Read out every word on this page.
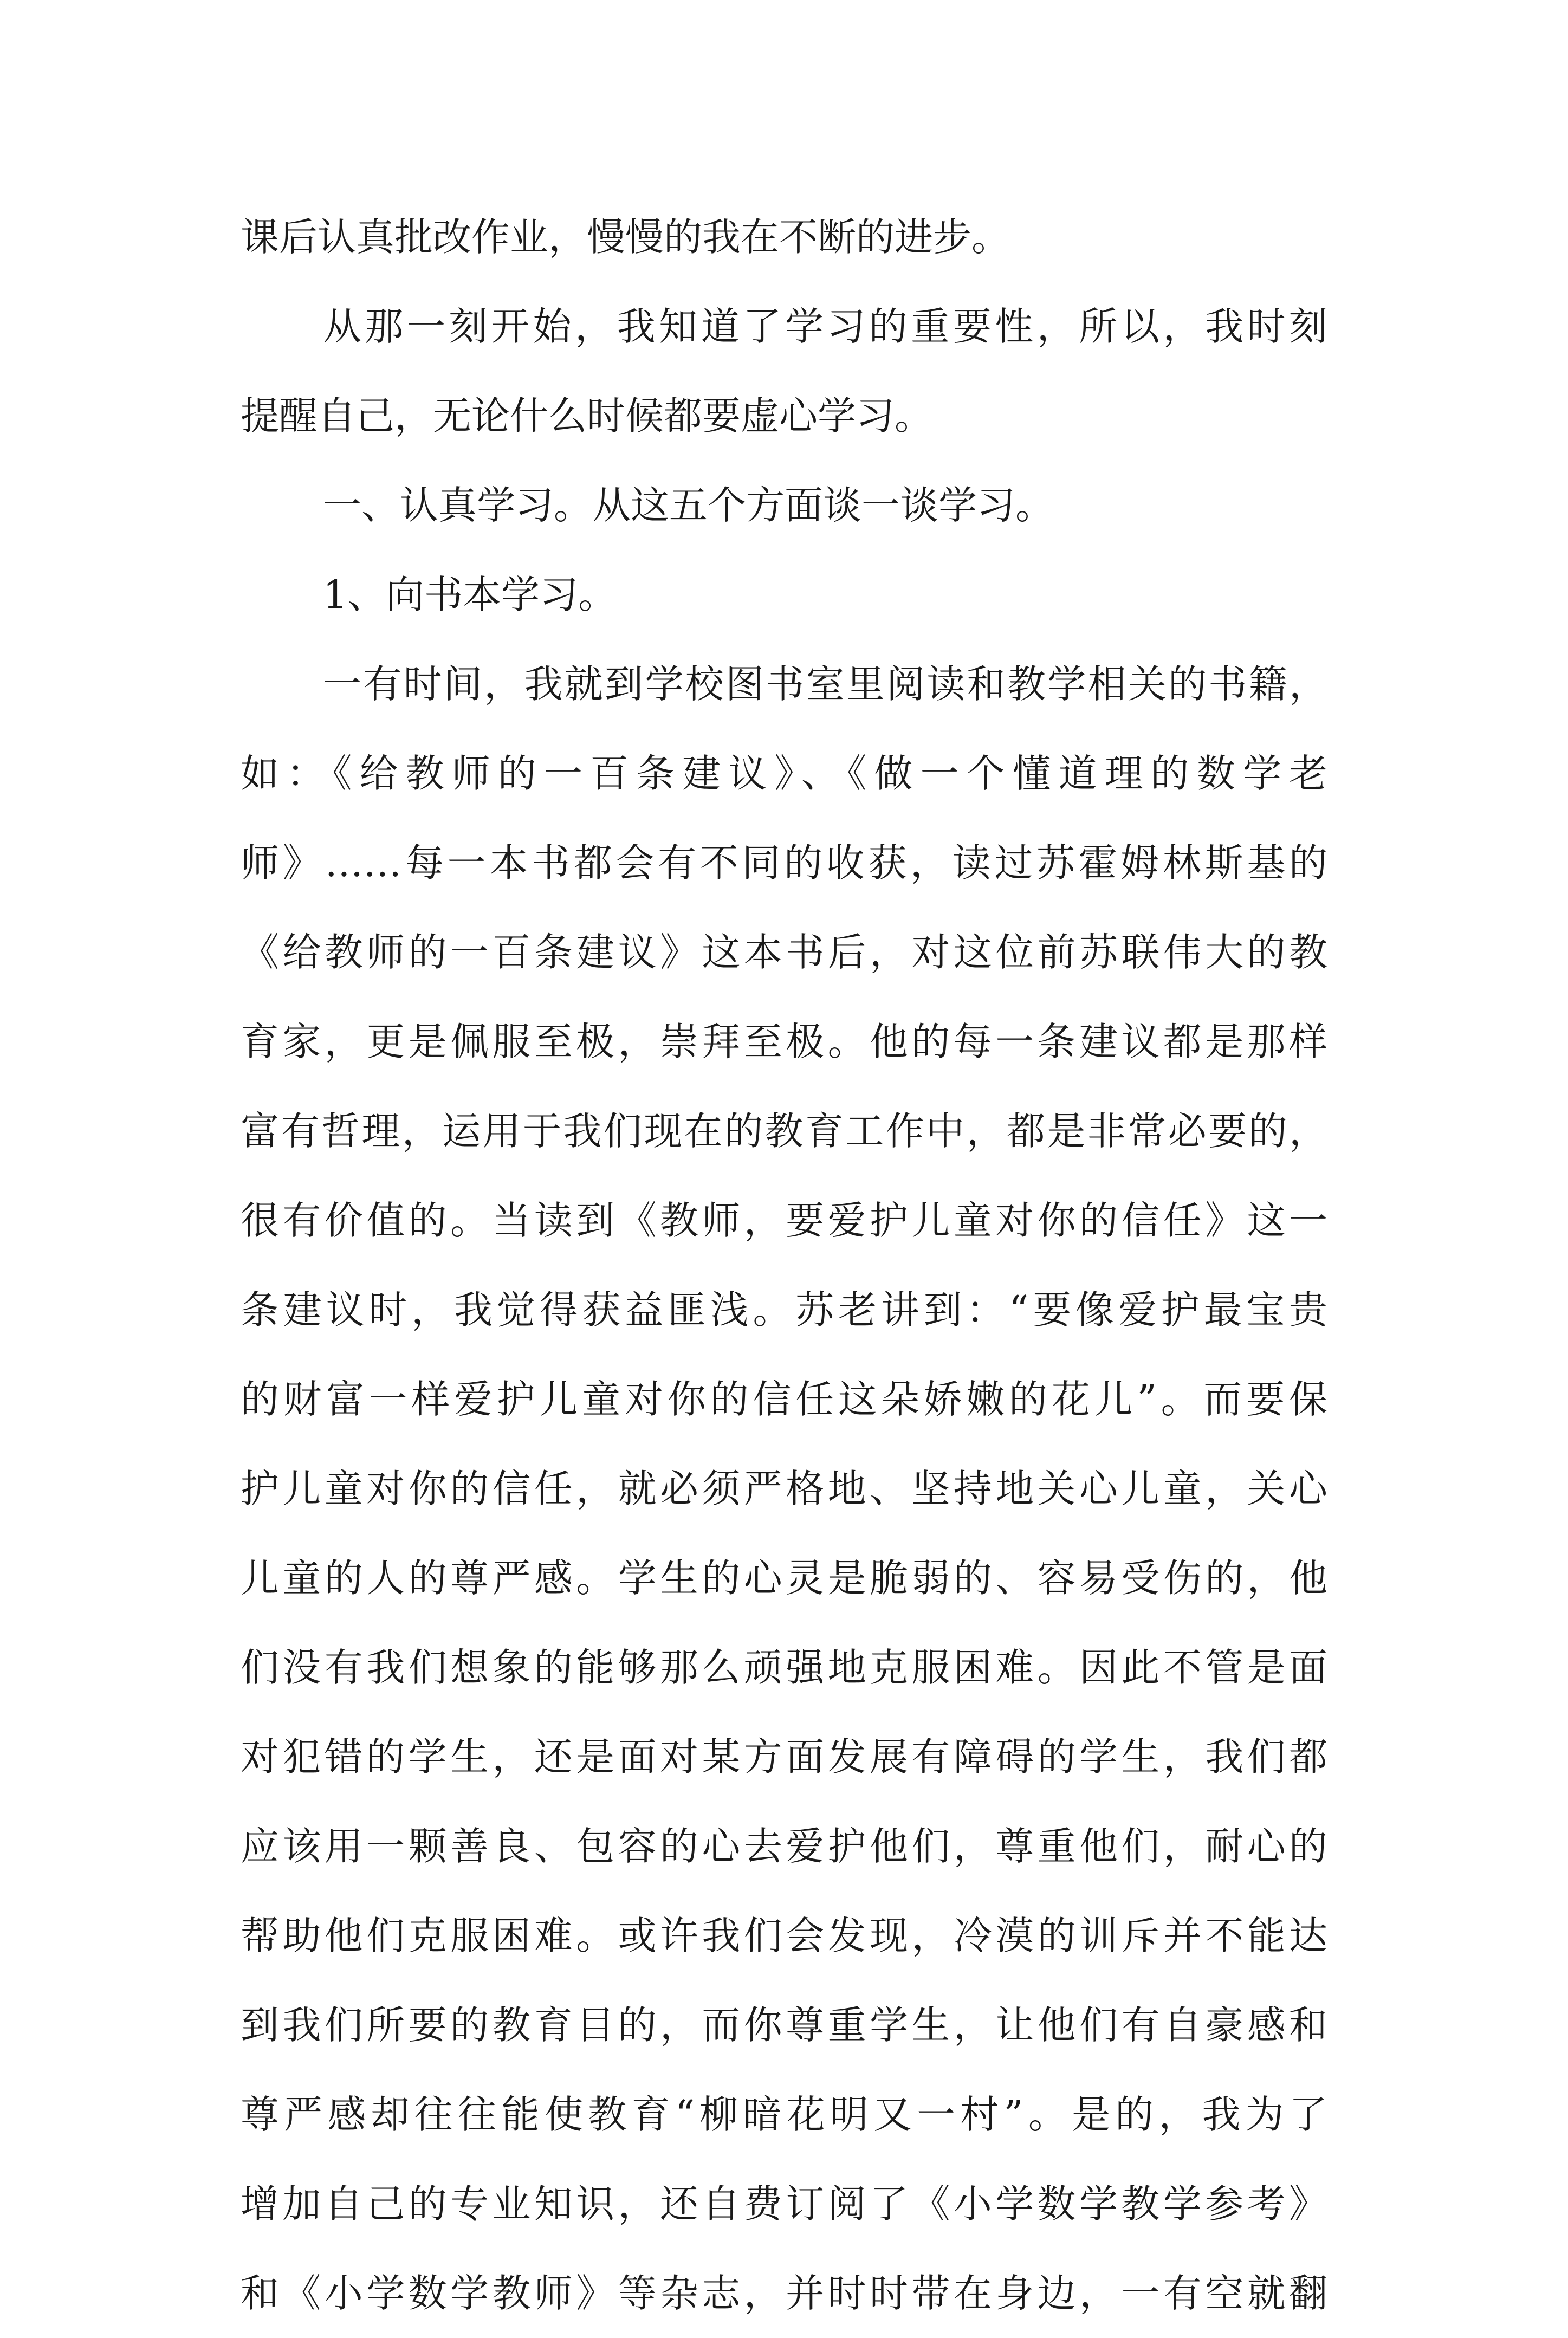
课后认真批改作业，慢慢的我在不断的进步。
从那一刻开始，我知道了学习的重要性，所以，我时刻
提醒自己，无论什么时候都要虚心学习。
一、认真学习。从这五个方面谈一谈学习。
1、向书本学习。
一有时间，我就到学校图书室里阅读和教学相关的书籍，
如：《给教师的一百条建议》、《做一个懂道理的数学老
师》……每一本书都会有不同的收获，读过苏霍姆林斯基的
《给教师的一百条建议》这本书后，对这位前苏联伟大的教
育家，更是佩服至极，崇拜至极。他的每一条建议都是那样
富有哲理，运用于我们现在的教育工作中，都是非常必要的，
很有价值的。当读到《教师，要爱护儿童对你的信任》这一
条建议时，我觉得获益匪浅。苏老讲到：“要像爱护最宝贵
的财富一样爱护儿童对你的信任这朵娇嫩的花儿”。而要保
护儿童对你的信任，就必须严格地、坚持地关心儿童，关心
儿童的人的尊严感。学生的心灵是脆弱的、容易受伤的，他
们没有我们想象的能够那么顽强地克服困难。因此不管是面
对犯错的学生，还是面对某方面发展有障碍的学生，我们都
应该用一颗善良、包容的心去爱护他们，尊重他们，耐心的
帮助他们克服困难。或许我们会发现，冷漠的训斥并不能达
到我们所要的教育目的，而你尊重学生，让他们有自豪感和
尊严感却往往能使教育“柳暗花明又一村”。是的，我为了
增加自己的专业知识，还自费订阅了《小学数学教学参考》
和《小学数学教师》等杂志，并时时带在身边，一有空就翻
